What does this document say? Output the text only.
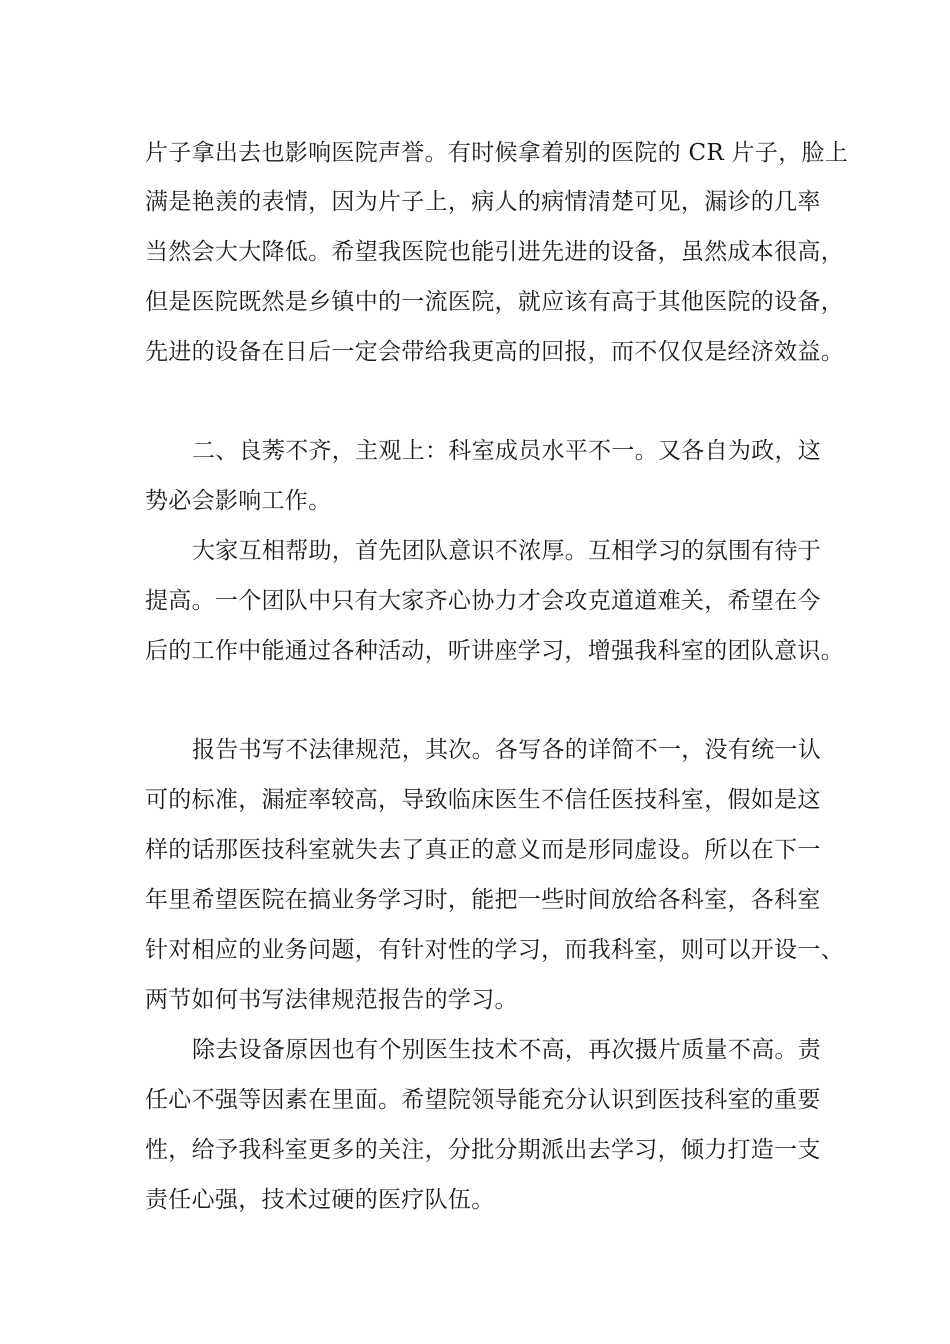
片子拿出去也影响医院声誉。有时候拿着别的医院的 CR 片子，脸上
满是艳羡的表情，因为片子上，病人的病情清楚可见，漏诊的几率
当然会大大降低。希望我医院也能引进先进的设备，虽然成本很高，
但是医院既然是乡镇中的一流医院，就应该有高于其他医院的设备，
先进的设备在日后一定会带给我更高的回报，而不仅仅是经济效益。
二、良莠不齐，主观上：科室成员水平不一。又各自为政，这
势必会影响工作。
大家互相帮助，首先团队意识不浓厚。互相学习的氛围有待于
提高。一个团队中只有大家齐心协力才会攻克道道难关，希望在今
后的工作中能通过各种活动，听讲座学习，增强我科室的团队意识。
报告书写不法律规范，其次。各写各的详简不一，没有统一认
可的标准，漏症率较高，导致临床医生不信任医技科室，假如是这
样的话那医技科室就失去了真正的意义而是形同虚设。所以在下一
年里希望医院在搞业务学习时，能把一些时间放给各科室，各科室
针对相应的业务问题，有针对性的学习，而我科室，则可以开设一、
两节如何书写法律规范报告的学习。
除去设备原因也有个别医生技术不高，再次摄片质量不高。责
任心不强等因素在里面。希望院领导能充分认识到医技科室的重要
性，给予我科室更多的关注，分批分期派出去学习，倾力打造一支
责任心强，技术过硬的医疗队伍。
